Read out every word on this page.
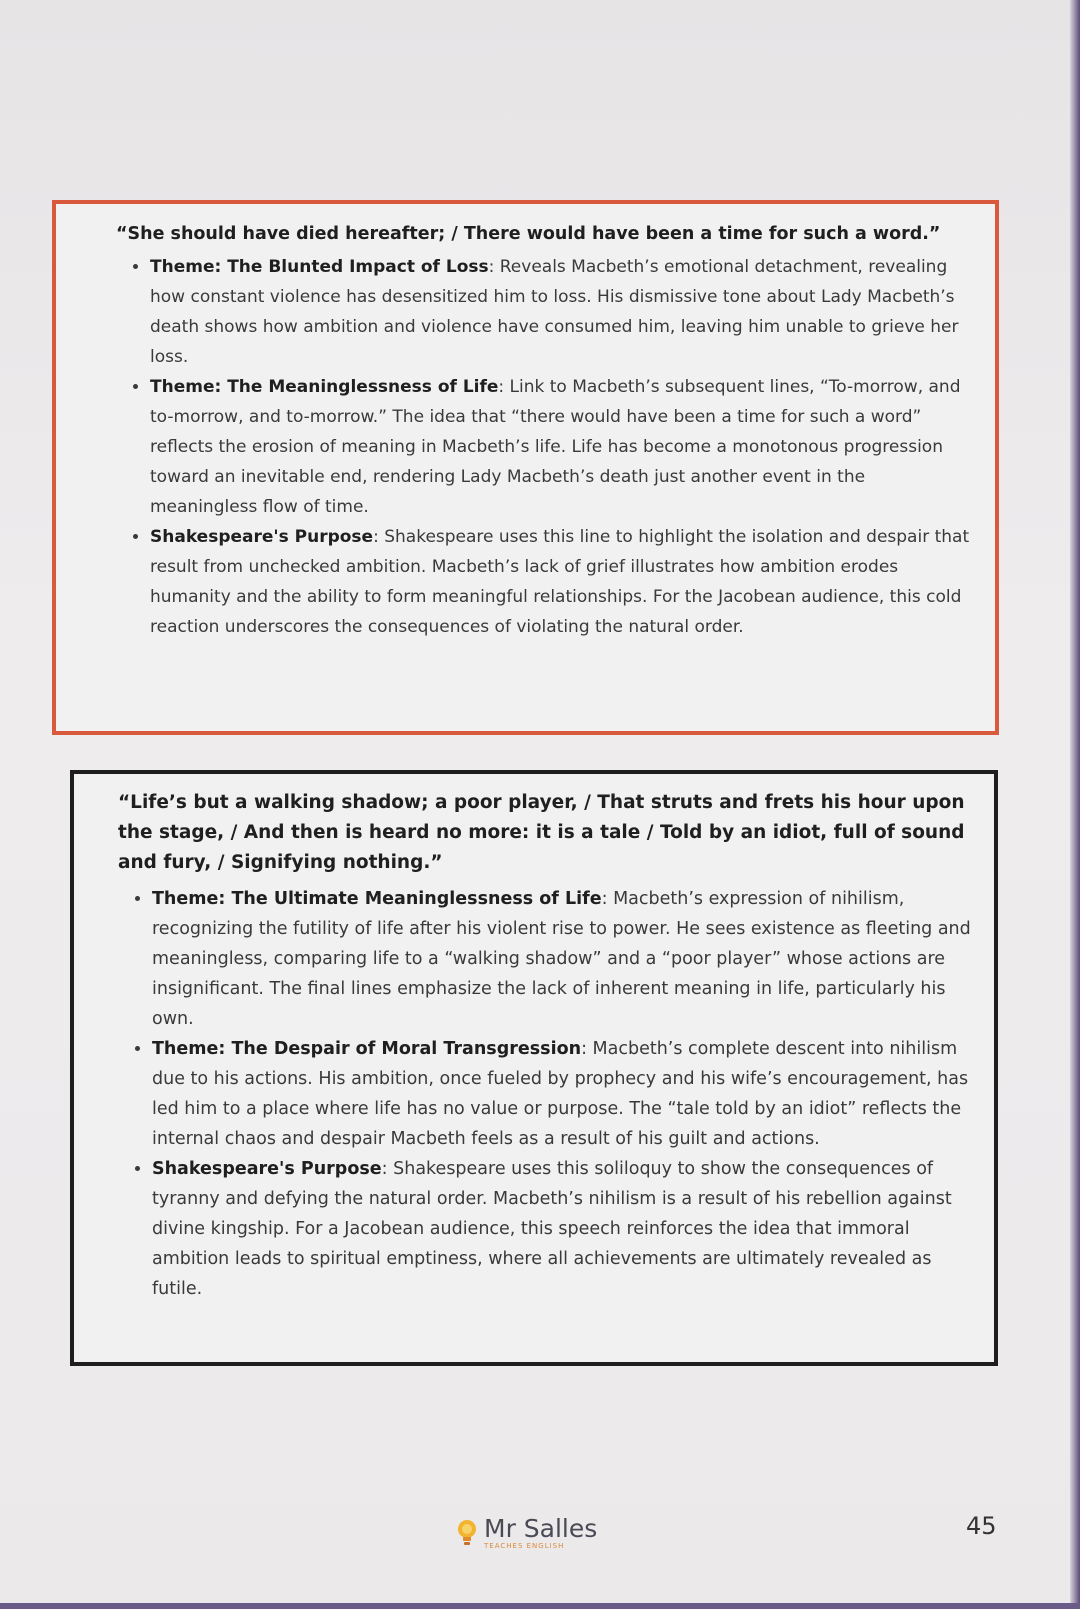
“She should have died hereafter; / There would have been a time for such a word.”

• Theme: The Blunted Impact of Loss: Reveals Macbeth’s emotional detachment, revealing how constant violence has desensitized him to loss. His dismissive tone about Lady Macbeth’s death shows how ambition and violence have consumed him, leaving him unable to grieve her loss.
• Theme: The Meaninglessness of Life: Link to Macbeth’s subsequent lines, “To-morrow, and to-morrow, and to-morrow.” The idea that “there would have been a time for such a word” reflects the erosion of meaning in Macbeth’s life. Life has become a monotonous progression toward an inevitable end, rendering Lady Macbeth’s death just another event in the meaningless flow of time.
• Shakespeare's Purpose: Shakespeare uses this line to highlight the isolation and despair that result from unchecked ambition. Macbeth’s lack of grief illustrates how ambition erodes humanity and the ability to form meaningful relationships. For the Jacobean audience, this cold reaction underscores the consequences of violating the natural order.

“Life’s but a walking shadow; a poor player, / That struts and frets his hour upon the stage, / And then is heard no more: it is a tale / Told by an idiot, full of sound and fury, / Signifying nothing.”

• Theme: The Ultimate Meaninglessness of Life: Macbeth’s expression of nihilism, recognizing the futility of life after his violent rise to power. He sees existence as fleeting and meaningless, comparing life to a “walking shadow” and a “poor player” whose actions are insignificant. The final lines emphasize the lack of inherent meaning in life, particularly his own.
• Theme: The Despair of Moral Transgression: Macbeth’s complete descent into nihilism due to his actions. His ambition, once fueled by prophecy and his wife’s encouragement, has led him to a place where life has no value or purpose. The “tale told by an idiot” reflects the internal chaos and despair Macbeth feels as a result of his guilt and actions.
• Shakespeare's Purpose: Shakespeare uses this soliloquy to show the consequences of tyranny and defying the natural order. Macbeth’s nihilism is a result of his rebellion against divine kingship. For a Jacobean audience, this speech reinforces the idea that immoral ambition leads to spiritual emptiness, where all achievements are ultimately revealed as futile.
Mr Salles
TEACHES ENGLISH
45
